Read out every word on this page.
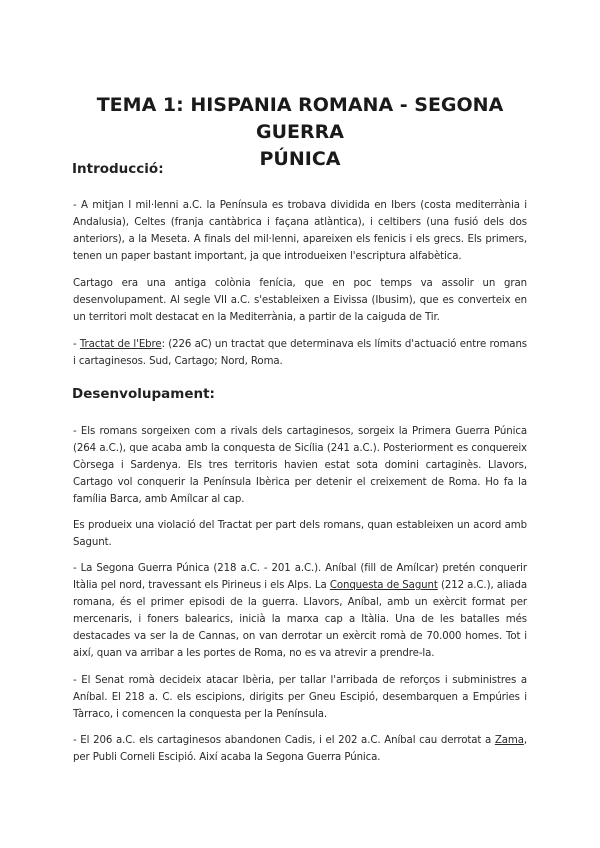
TEMA 1: HISPANIA ROMANA - SEGONA GUERRA
PÚNICA
Introducció:

- A mitjan I mil·lenni a.C. la Península es trobava dividida en Ibers (costa mediterrània i Andalusia), Celtes (franja cantàbrica i façana atlàntica), i celtibers (una fusió dels dos anteriors), a la Meseta. A finals del mil·lenni, apareixen els fenicis i els grecs. Els primers, tenen un paper bastant important, ja que introdueixen l'escriptura alfabètica.

Cartago era una antiga colònia fenícia, que en poc temps va assolir un gran desenvolupament. Al segle VII a.C. s'estableixen a Eivissa (Ibusim), que es converteix en un territori molt destacat en la Mediterrània, a partir de la caiguda de Tir.

- Tractat de l'Ebre: (226 aC) un tractat que determinava els límits d'actuació entre romans i cartaginesos. Sud, Cartago; Nord, Roma.

Desenvolupament:

- Els romans sorgeixen com a rivals dels cartaginesos, sorgeix la Primera Guerra Púnica (264 a.C.), que acaba amb la conquesta de Sicília (241 a.C.). Posteriorment es conquereix Còrsega i Sardenya. Els tres territoris havien estat sota domini cartaginès. Llavors, Cartago vol conquerir la Península Ibèrica per detenir el creixement de Roma. Ho fa la família Barca, amb Amílcar al cap.

Es produeix una violació del Tractat per part dels romans, quan estableixen un acord amb Sagunt.

- La Segona Guerra Púnica (218 a.C. - 201 a.C.). Aníbal (fill de Amílcar) pretén conquerir Itàlia pel nord, travessant els Pirineus i els Alps. La Conquesta de Sagunt (212 a.C.), aliada romana, és el primer episodi de la guerra. Llavors, Aníbal, amb un exèrcit format per mercenaris, i foners balearics, inicià la marxa cap a Itàlia. Una de les batalles més destacades va ser la de Cannas, on van derrotar un exèrcit romà de 70.000 homes. Tot i així, quan va arribar a les portes de Roma, no es va atrevir a prendre-la.

- El Senat romà decideix atacar Ibèria, per tallar l'arribada de reforços i subministres a Aníbal. El 218 a. C. els escipions, dirigits per Gneu Escipió, desembarquen a Empúries i Tàrraco, i comencen la conquesta per la Península.

- El 206 a.C. els cartaginesos abandonen Cadis, i el 202 a.C. Aníbal cau derrotat a Zama, per Publi Corneli Escipió. Així acaba la Segona Guerra Púnica.
